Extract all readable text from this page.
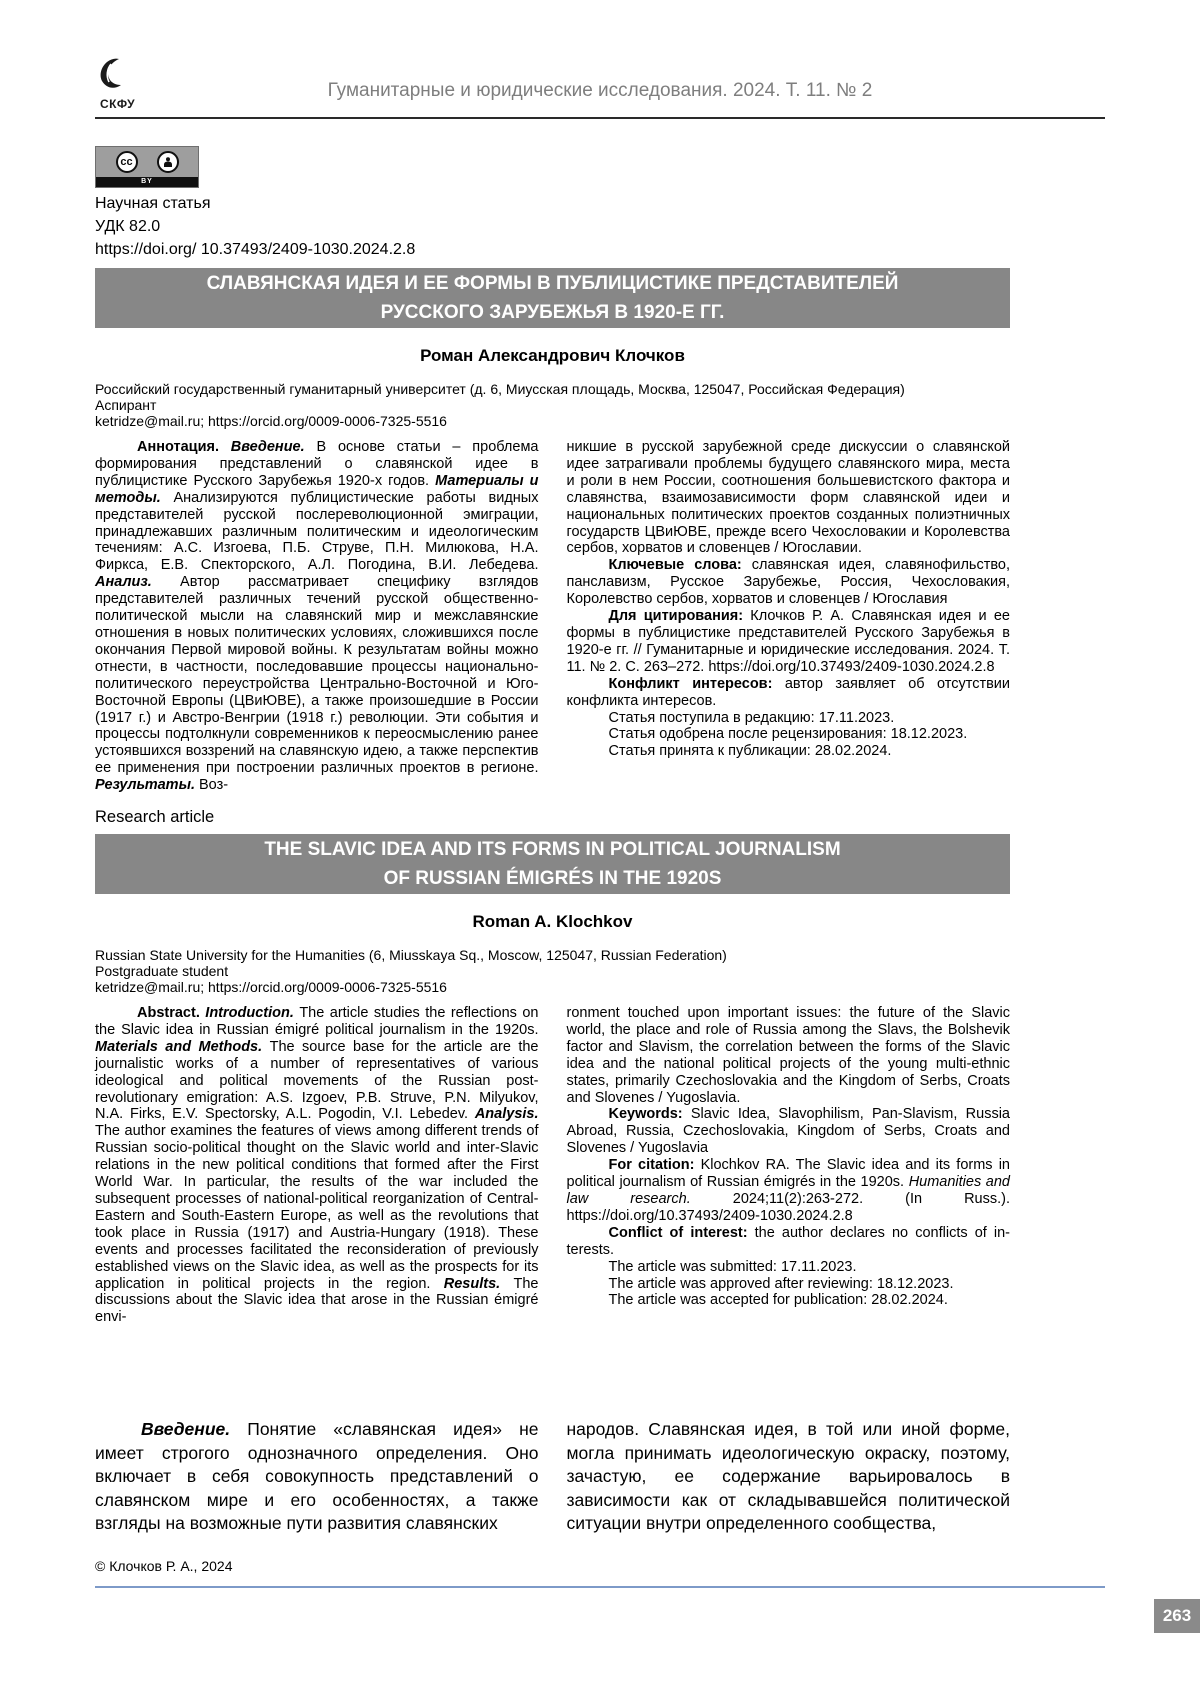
СКФУ
Гуманитарные и юридические исследования. 2024. Т. 11. № 2
cc
BY
Научная статья
УДК 82.0
https://doi.org/ 10.37493/2409-1030.2024.2.8
СЛАВЯНСКАЯ ИДЕЯ И ЕЕ ФОРМЫ В ПУБЛИЦИСТИКЕ ПРЕДСТАВИТЕЛЕЙ
РУССКОГО ЗАРУБЕЖЬЯ В 1920-Е ГГ.
Роман Александрович Клочков
Российский государственный гуманитарный университет (д. 6, Миусская площадь, Москва, 125047, Российская Федерация)
Аспирант
ketridze@mail.ru; https://orcid.org/0009-0006-7325-5516

Аннотация. Введение. В основе статьи – проблема формирования представлений о славянской идее в публицистике Русского Зарубежья 1920-х годов. Материалы и методы. Анализируются публицистические работы видных представителей русской послереволюционной эмиграции, принадлежавших различным политическим и идеологическим течениям: А.С. Изгоева, П.Б. Струве, П.Н. Милюкова, Н.А. Фиркса, Е.В. Спекторского, А.Л. Погодина, В.И. Лебедева. Анализ. Автор рассматривает специфику взглядов представителей различных течений русской общественно-политической мысли на славянский мир и межславянские отношения в новых политических условиях, сложившихся после окончания Первой мировой войны. К результатам войны можно отнести, в частности, последовавшие процессы национально-политического переустройства Центрально-Восточной и Юго-Восточной Европы (ЦВиЮВЕ), а также произошедшие в России (1917 г.) и Австро-Венгрии (1918 г.) революции. Эти события и процессы подтолкнули современников к переосмыслению ранее устоявшихся воззрений на славянскую идею, а также перспектив ее применения при построении различных проектов в регионе. Результаты. Воз-

никшие в русской зарубежной среде дискуссии о славянской идее затрагивали проблемы будущего славянского мира, места и роли в нем России, соотношения большевистского фактора и славянства, взаимозависимости форм славянской идеи и национальных политических проектов созданных полиэтничных государств ЦВиЮВЕ, прежде всего Чехословакии и Королевства сербов, хорватов и словенцев / Югославии.

Ключевые слова: славянская идея, славянофильство, панславизм, Русское Зарубежье, Россия, Чехословакия, Королевство сербов, хорватов и словенцев / Югославия

Для цитирования: Клочков Р. А. Славянская идея и ее формы в публицистике представителей Русского Зарубежья в 1920-е гг. // Гуманитарные и юридические исследования. 2024. Т. 11. № 2. С. 263–272. https://doi.org/10.37493/2409-1030.2024.2.8

Конфликт интересов: автор заявляет об отсутствии конфликта интересов.

Статья поступила в редакцию: 17.11.2023.

Статья одобрена после рецензирования: 18.12.2023.

Статья принята к публикации: 28.02.2024.

Research article
THE SLAVIC IDEA AND ITS FORMS IN POLITICAL JOURNALISM
OF RUSSIAN ÉMIGRÉS IN THE 1920S
Roman A. Klochkov
Russian State University for the Humanities (6, Miusskaya Sq., Moscow, 125047, Russian Federation)
Postgraduate student
ketridze@mail.ru; https://orcid.org/0009-0006-7325-5516

Abstract. Introduction. The article studies the reflections on the Slavic idea in Russian émigré political journalism in the 1920s. Materials and Methods. The source base for the article are the journalistic works of a number of representatives of various ideological and political movements of the Russian post-revolutionary emigration: A.S. Izgoev, P.B. Struve, P.N. Milyukov, N.A. Firks, E.V. Spectorsky, A.L. Pogodin, V.I. Lebedev. Analysis. The author examines the features of views among different trends of Russian socio-political thought on the Slavic world and inter-Slavic relations in the new political conditions that formed after the First World War. In particular, the results of the war included the subsequent processes of national-political reorganization of Central-Eastern and South-Eastern Europe, as well as the revolutions that took place in Russia (1917) and Austria-Hungary (1918). These events and processes facilitated the reconsideration of previously established views on the Slavic idea, as well as the prospects for its application in political projects in the region. Results. The discussions about the Slavic idea that arose in the Russian émigré envi-

ronment touched upon important issues: the future of the Slavic world, the place and role of Russia among the Slavs, the Bolshevik factor and Slavism, the correlation between the forms of the Slavic idea and the national political projects of the young multi-ethnic states, primarily Czechoslovakia and the Kingdom of Serbs, Croats and Slovenes / Yugoslavia.

Keywords: Slavic Idea, Slavophilism, Pan-Slavism, Russia Abroad, Russia, Czechoslovakia, Kingdom of Serbs, Croats and Slovenes / Yugoslavia

For citation: Klochkov RA. The Slavic idea and its forms in political journalism of Russian émigrés in the 1920s. Humanities and law research. 2024;11(2):263-272. (In Russ.). https://doi.org/10.37493/2409-1030.2024.2.8

Conflict of interest: the author declares no conflicts of in-terests.

The article was submitted: 17.11.2023.

The article was approved after reviewing: 18.12.2023.

The article was accepted for publication: 28.02.2024.

Введение. Понятие «славянская идея» не имеет строгого однозначного определения. Оно включает в себя совокупность представлений о славянском мире и его особенностях, а также взгляды на возможные пути развития славянских

народов. Славянская идея, в той или иной форме, могла принимать идеологическую окраску, поэтому, зачастую, ее содержание варьировалось в зависимости как от складывавшейся политической ситуации внутри определенного сообщества,

© Клочков Р. А., 2024
263
